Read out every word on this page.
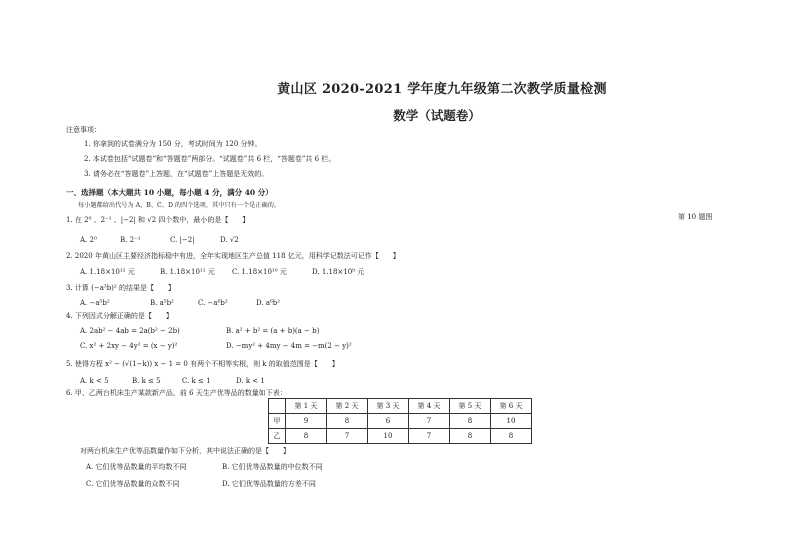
黄山区 2020-2021 学年度九年级第二次教学质量检测
数学（试题卷）
注意事项：
1. 你拿到的试卷满分为 150 分，考试时间为 120 分钟。
2. 本试卷包括“试题卷”和“答题卷”两部分。“试题卷”共 6 栏，“答题卷”共 6 栏。
3. 请务必在“答题卷”上答题，在“试题卷”上答题是无效的。
一、选择题（本大题共 10 小题，每小题 4 分，满分 40 分）
每小题都给出代号为 A、B、C、D 的四个选项，其中只有一个是正确的。
第 10 题图
1. 在 2⁰ 、2⁻¹ 、|−2| 和 √2 四个数中，最小的是【　　】
A. 2⁰	B. 2⁻¹	C. |−2|	D. √2
2. 2020 年黄山区主要经济指标稳中有进，全年实现地区生产总值 118 亿元，用科学记数法可记作【　　】
A. 1.18×10¹² 元	B. 1.18×10¹¹ 元 C. 1.18×10¹⁰ 元	D. 1.18×10⁹ 元
3. 计算 (−a³b)² 的结果是【　　】
A. −a⁵b²	B. a⁵b²	C. −a⁶b²	D. a⁶b²
4. 下列因式分解正确的是【　　】
A. 2ab² − 4ab = 2a(b² − 2b)	B. a² + b² = (a + b)(a − b)
C. x² + 2xy − 4y² = (x − y)²	D. −my² + 4my − 4m = −m(2 − y)²
5. 使得方程 x² − (√(1−k)) x − 1 = 0 有两个不相等实根，则 k 的取值范围是【　　】
A. k < 5	B. k ≤ 5	C. k ≤ 1	D. k < 1
6. 甲、乙两台机床生产某款新产品，前 6 天生产优等品的数量如下表：
	第 1 天	第 2 天	第 3 天	第 4 天	第 5 天	第 6 天
甲	9	8	6	7	8	10
乙	8	7	10	7	8	8
对两台机床生产优等品数量作如下分析，其中说法正确的是【　　】
A. 它们优等品数量的平均数不同	B. 它们优等品数量的中位数不同
C. 它们优等品数量的众数不同	D. 它们优等品数量的方差不同
